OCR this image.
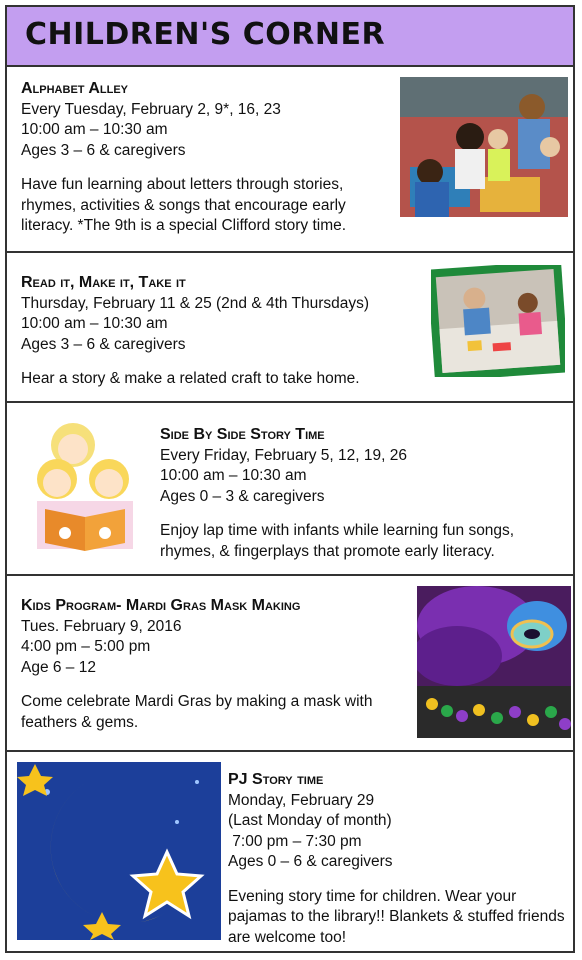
CHILDREN'S CORNER
Alphabet Alley
Every Tuesday, February 2, 9*, 16, 23
10:00 am – 10:30 am
Ages 3 – 6 & caregivers
Have fun learning about letters through stories, rhymes, activities & songs that encourage early literacy. *The 9th is a special Clifford story time.
Read it, Make it, Take it
Thursday, February 11 & 25 (2nd & 4th Thursdays)
10:00 am – 10:30 am
Ages 3 – 6 & caregivers
Hear a story & make a related craft to take home.
Side By Side Story Time
Every Friday, February 5, 12, 19, 26
10:00 am – 10:30 am
Ages 0 – 3 & caregivers
Enjoy lap time with infants while learning fun songs, rhymes, & fingerplays that promote early literacy.
Kids Program- Mardi Gras Mask Making
Tues. February 9, 2016
4:00 pm – 5:00 pm
Age 6 – 12
Come celebrate Mardi Gras by making a mask with feathers & gems.
PJ Story time
Monday, February 29
(Last Monday of month)
7:00 pm – 7:30 pm
Ages 0 – 6 & caregivers
Evening story time for children. Wear your pajamas to the library!! Blankets & stuffed friends are welcome too!
